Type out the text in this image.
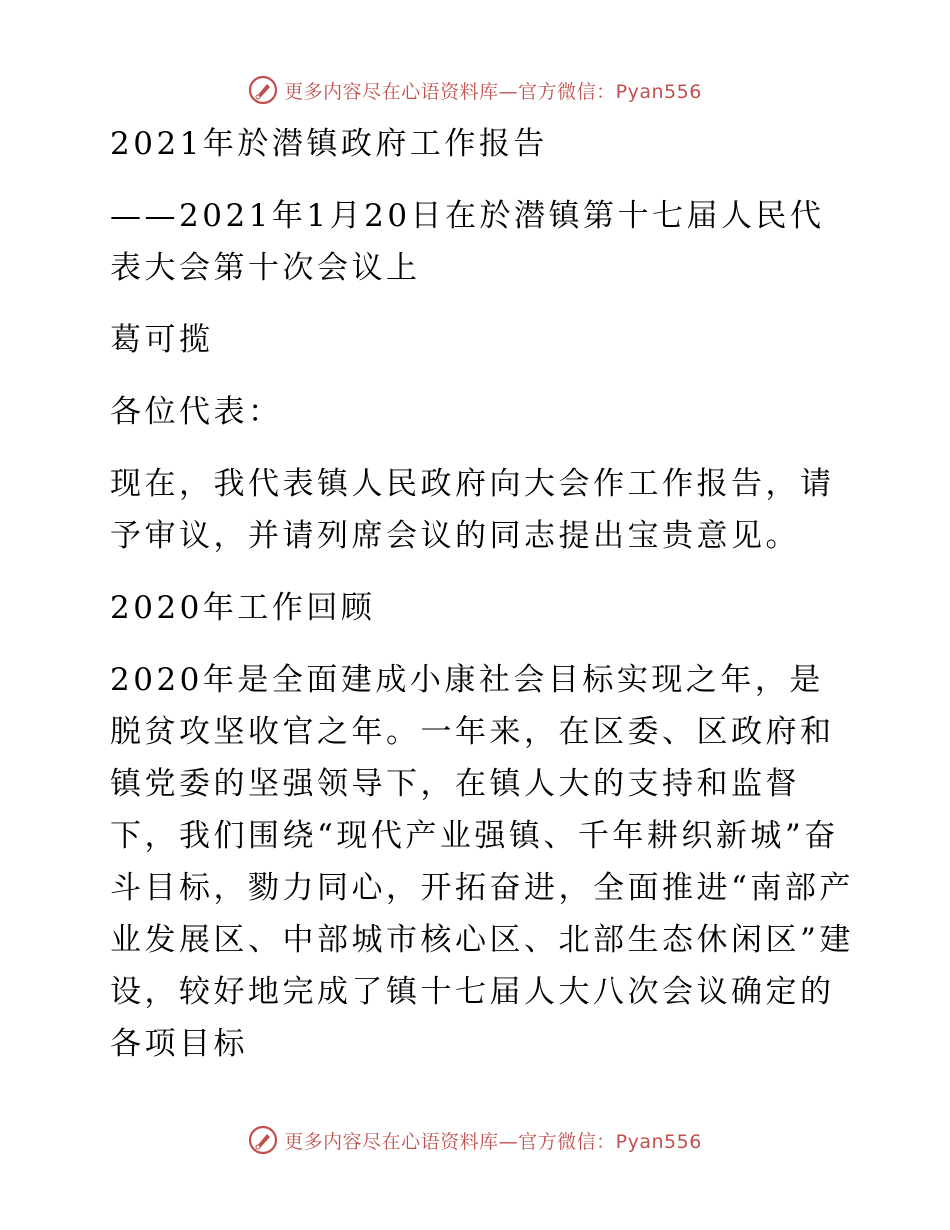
更多内容尽在心语资料库—官方微信：Pyan556

2021年於潜镇政府工作报告

——2021年1月20日在於潜镇第十七届人民代表大会第十次会议上

葛可揽

各位代表：

现在，我代表镇人民政府向大会作工作报告，请予审议，并请列席会议的同志提出宝贵意见。

2020年工作回顾

2020年是全面建成小康社会目标实现之年，是脱贫攻坚收官之年。一年来，在区委、区政府和镇党委的坚强领导下，在镇人大的支持和监督下，我们围绕“现代产业强镇、千年耕织新城”奋斗目标，勠力同心，开拓奋进，全面推进“南部产业发展区、中部城市核心区、北部生态休闲区”建设，较好地完成了镇十七届人大八次会议确定的各项目标

更多内容尽在心语资料库—官方微信：Pyan556
